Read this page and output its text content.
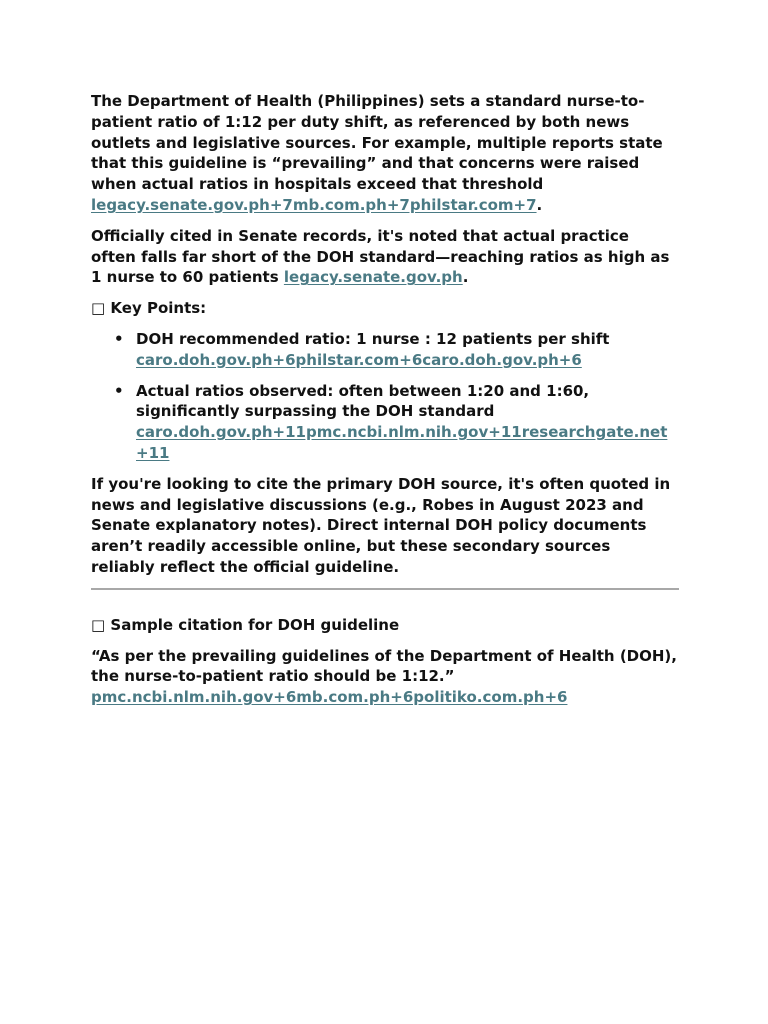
The Department of Health (Philippines) sets a standard nurse-to-patient ratio of 1:12 per duty shift, as referenced by both news outlets and legislative sources. For example, multiple reports state that this guideline is “prevailing” and that concerns were raised when actual ratios in hospitals exceed that threshold legacy.senate.gov.ph+7mb.com.ph+7philstar.com+7.

Officially cited in Senate records, it's noted that actual practice often falls far short of the DOH standard—reaching ratios as high as 1 nurse to 60 patients legacy.senate.gov.ph.

□ Key Points:
• DOH recommended ratio: 1 nurse : 12 patients per shift
caro.doh.gov.ph+6philstar.com+6caro.doh.gov.ph+6
• Actual ratios observed: often between 1:20 and 1:60, significantly surpassing the DOH standard
caro.doh.gov.ph+11pmc.ncbi.nlm.nih.gov+11researchgate.net+11

If you're looking to cite the primary DOH source, it's often quoted in news and legislative discussions (e.g., Robes in August 2023 and Senate explanatory notes). Direct internal DOH policy documents aren’t readily accessible online, but these secondary sources reliably reflect the official guideline.

□ Sample citation for DOH guideline

“As per the prevailing guidelines of the Department of Health (DOH), the nurse-to-patient ratio should be 1:12.”
pmc.ncbi.nlm.nih.gov+6mb.com.ph+6politiko.com.ph+6
